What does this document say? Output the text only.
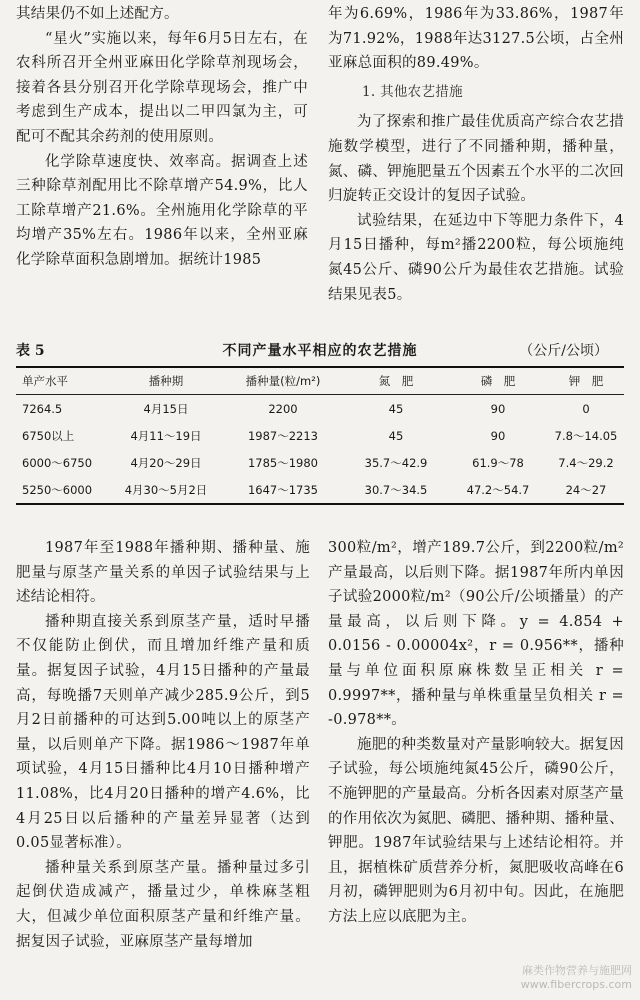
其结果仍不如上述配方。

“星火”实施以来，每年6月5日左右，在农科所召开全州亚麻田化学除草剂现场会，接着各县分别召开化学除草现场会，推广中考虑到生产成本，提出以二甲四氯为主，可配可不配其余药剂的使用原则。

化学除草速度快、效率高。据调查上述三种除草剂配用比不除草增产54.9%，比人工除草增产21.6%。全州施用化学除草的平均增产35%左右。1986年以来，全州亚麻化学除草面积急剧增加。据统计1985

年为6.69%，1986年为33.86%，1987年为71.92%，1988年达3127.5公顷，占全州亚麻总面积的89.49%。

1. 其他农艺措施

为了探索和推广最佳优质高产综合农艺措施数学模型，进行了不同播种期，播种量，氮、磷、钾施肥量五个因素五个水平的二次回归旋转正交设计的复因子试验。

试验结果，在延边中下等肥力条件下，4月15日播种，每m²播2200粒，每公顷施纯氮45公斤、磷90公斤为最佳农艺措施。试验结果见表5。

表 5	不同产量水平相应的农艺措施	（公斤/公顷）
单产水平	播种期	播种量(粒/m²)	氮　肥	磷　肥	钾　肥
7264.5	4月15日	2200	45	90	0
6750以上	4月11～19日	1987～2213	45	90	7.8～14.05
6000～6750	4月20～29日	1785～1980	35.7～42.9	61.9～78	7.4～29.2
5250～6000	4月30～5月2日	1647～1735	30.7～34.5	47.2～54.7	24～27

1987年至1988年播种期、播种量、施肥量与原茎产量关系的单因子试验结果与上述结论相符。

播种期直接关系到原茎产量，适时早播不仅能防止倒伏，而且增加纤维产量和质量。据复因子试验，4月15日播种的产量最高，每晚播7天则单产减少285.9公斤，到5月2日前播种的可达到5.00吨以上的原茎产量，以后则单产下降。据1986～1987年单项试验，4月15日播种比4月10日播种增产11.08%，比4月20日播种的增产4.6%，比4月25日以后播种的产量差异显著（达到0.05显著标准）。

播种量关系到原茎产量。播种量过多引起倒伏造成减产，播量过少，单株麻茎粗大，但减少单位面积原茎产量和纤维产量。据复因子试验，亚麻原茎产量每增加

300粒/m²，增产189.7公斤，到2200粒/m²产量最高，以后则下降。据1987年所内单因子试验2000粒/m²（90公斤/公顷播量）的产量最高，以后则下降。y = 4.854 + 0.0156 - 0.00004x²，r = 0.956**，播种量与单位面积原麻株数呈正相关 r = 0.9997**，播种量与单株重量呈负相关 r = -0.978**。

施肥的种类数量对产量影响较大。据复因子试验，每公顷施纯氮45公斤，磷90公斤，不施钾肥的产量最高。分析各因素对原茎产量的作用依次为氮肥、磷肥、播种期、播种量、钾肥。1987年试验结果与上述结论相符。并且，据植株矿质营养分析，氮肥吸收高峰在6月初，磷钾肥则为6月初中旬。因此，在施肥方法上应以底肥为主。

麻类作物营养与施肥网
www.fibercrops.com
